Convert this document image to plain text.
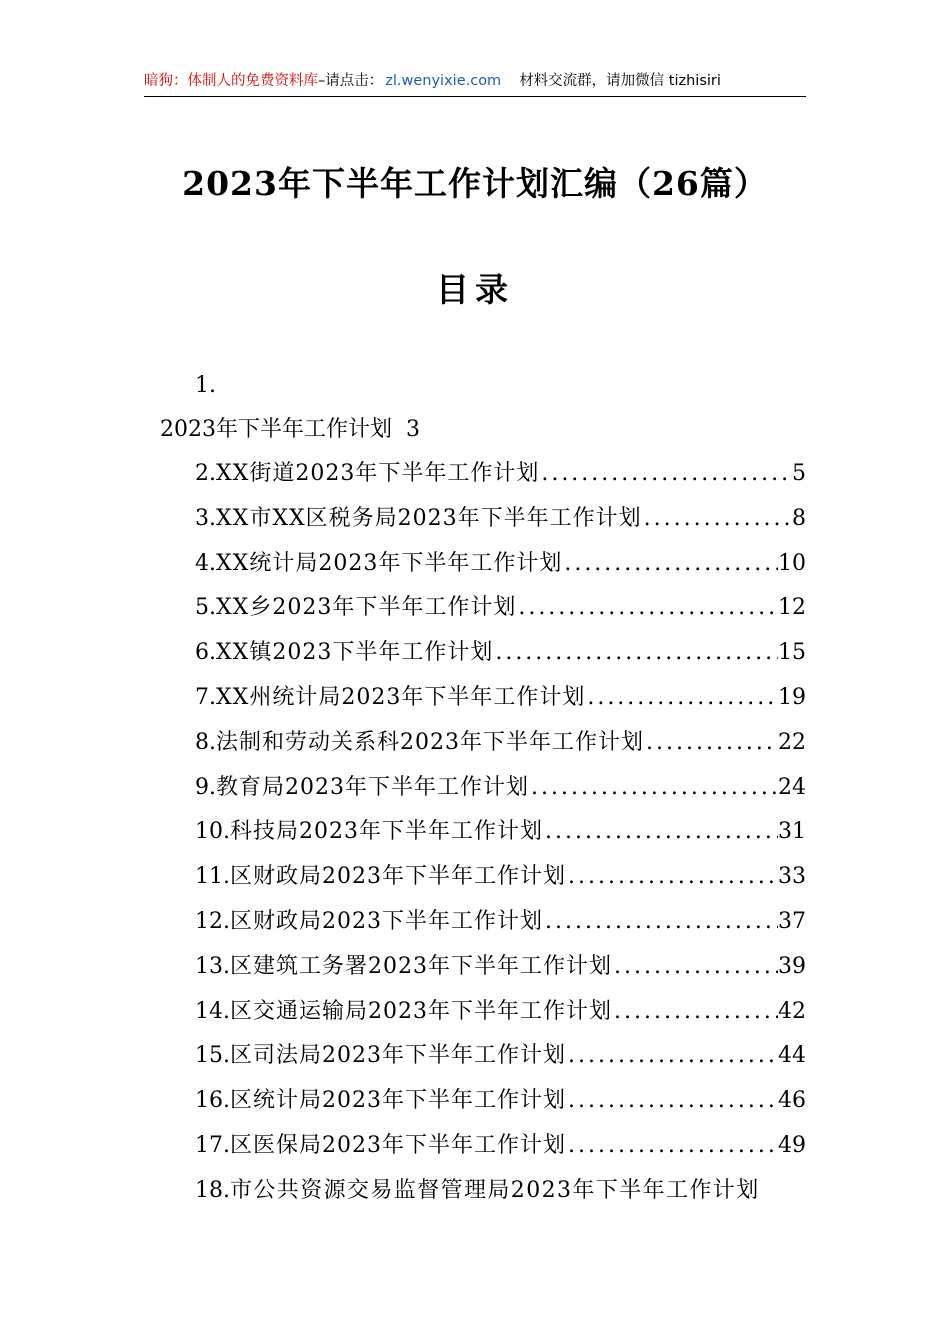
暗狗：体制人的免费资料库–请点击： zl.wenyixie.com 材料交流群，请加微信 tizhisiri
2023年下半年工作计划汇编（26篇）
目录
1.
2023年下半年工作计划 3
2. XX街道2023年下半年工作计划 .....	5
3. XX市XX区税务局2023年下半年工作计划 .....	8
4. XX统计局2023年下半年工作计划 .....	10
5. XX乡2023年下半年工作计划 .....	12
6. XX镇2023下半年工作计划 .....	15
7. XX州统计局2023年下半年工作计划 .....	19
8. 法制和劳动关系科2023年下半年工作计划 .....	22
9. 教育局2023年下半年工作计划 .....	24
10. 科技局2023年下半年工作计划 .....	31
11. 区财政局2023年下半年工作计划 .....	33
12. 区财政局2023下半年工作计划 .....	37
13. 区建筑工务署2023年下半年工作计划 .....	39
14. 区交通运输局2023年下半年工作计划 .....	42
15. 区司法局2023年下半年工作计划 .....	44
16. 区统计局2023年下半年工作计划 .....	46
17. 区医保局2023年下半年工作计划 .....	49
18. 市公共资源交易监督管理局2023年下半年工作计划
